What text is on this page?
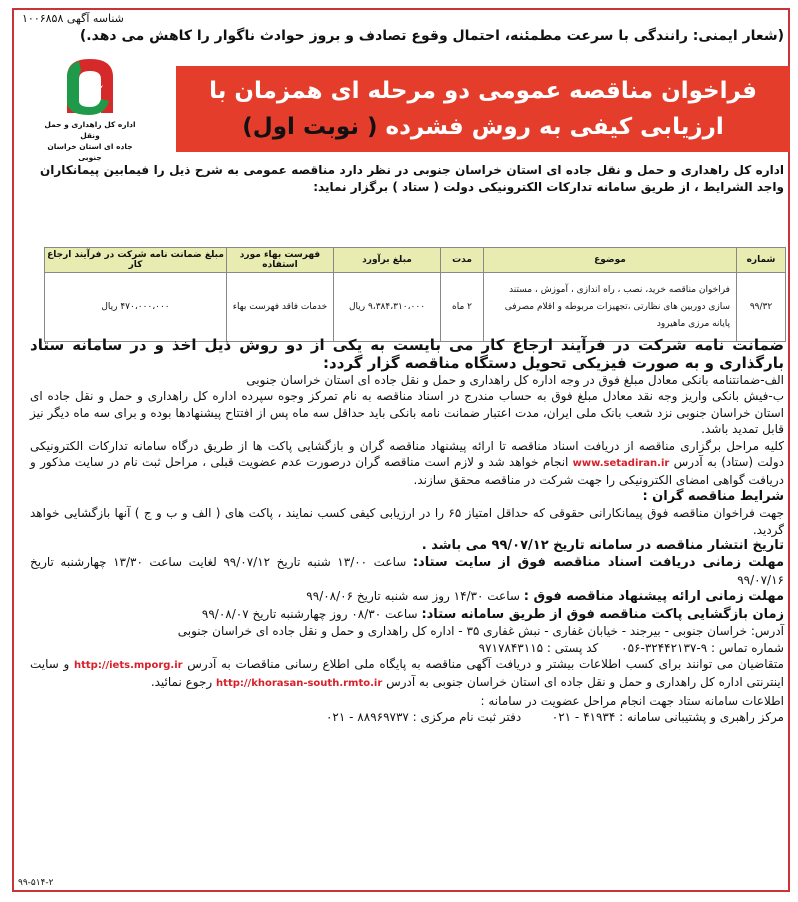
شناسه آگهی ۱۰۰۶۸۵۸
(شعار ایمنی: رانندگی با سرعت مطمئنه، احتمال وقوع تصادف و بروز حوادث ناگوار را کاهش می دهد.)
اداره کل راهداری و حمل ونقل
جاده ای استان خراسان جنوبی
فراخوان مناقصه عمومی دو مرحله ای همزمان با
ارزیابی کیفی به روش فشرده ( نوبت اول)
اداره کل راهداری و حمل و نقل جاده ای استان خراسان جنوبی در نظر دارد مناقصه عمومی به شرح ذیل را فیمابین پیمانکاران واجد الشرایط ، از طریق سامانه تدارکات الکترونیکی دولت ( ستاد ) برگزار نماید:
شماره	موضوع	مدت	مبلغ برآورد	فهرست بهاء مورد استفاده	مبلغ ضمانت نامه شرکت در فرآیند ارجاع کار
۹۹/۳۲	فراخوان مناقصه خرید، نصب ، راه اندازی ، آموزش ، مستند سازی دوربین های نظارتی ،تجهیزات مربوطه و اقلام مصرفی پایانه مرزی ماهیرود	۲ ماه	۹،۳۸۴،۳۱۰،۰۰۰ ریال	خدمات فاقد فهرست بهاء	۴۷۰،۰۰۰،۰۰۰ ریال

ضمانت نامه شرکت در فرآیند ارجاع کار می بایست به یکی از دو روش ذیل اخذ و در سامانه ستاد بارگذاری و به صورت فیزیکی تحویل دستگاه مناقصه گزار گردد:

الف-ضمانتنامه بانکی معادل مبلغ فوق در وجه اداره کل راهداری و حمل و نقل جاده ای استان خراسان جنوبی

ب-فیش بانکی واریز وجه نقد معادل مبلغ فوق به حساب مندرج در اسناد مناقصه به نام تمرکز وجوه سپرده اداره کل راهداری و حمل و نقل جاده ای استان خراسان جنوبی نزد شعب بانک ملی ایران، مدت اعتبار ضمانت نامه بانکی باید حداقل سه ماه پس از افتتاح پیشنهادها بوده و برای سه ماه دیگر نیز قابل تمدید باشد.

کلیه مراحل برگزاری مناقصه از دریافت اسناد مناقصه تا ارائه پیشنهاد مناقصه گران و بازگشایی پاکت ها از طریق درگاه سامانه تدارکات الکترونیکی دولت (ستاد) به آدرس www.setadiran.ir انجام خواهد شد و لازم است مناقصه گران درصورت عدم عضویت قبلی ، مراحل ثبت نام در سایت مذکور و دریافت گواهی امضای الکترونیکی را جهت شرکت در مناقصه محقق سازند.

شرایط مناقصه گران :

جهت فراخوان مناقصه فوق پیمانکارانی حقوقی که حداقل امتیاز ۶۵ را در ارزیابی کیفی کسب نمایند ، پاکت های ( الف و ب و ج ) آنها بازگشایی خواهد گردید.

تاریخ انتشار مناقصه در سامانه تاریخ ۹۹/۰۷/۱۲ می باشد .

مهلت زمانی دریافت اسناد مناقصه فوق از سایت ستاد: ساعت ۱۳/۰۰ شنبه تاریخ ۹۹/۰۷/۱۲ لغایت ساعت ۱۳/۳۰ چهارشنبه تاریخ ۹۹/۰۷/۱۶

مهلت زمانی ارائه پیشنهاد مناقصه فوق : ساعت ۱۴/۳۰ روز سه شنبه تاریخ ۹۹/۰۸/۰۶

زمان بازگشایی پاکت مناقصه فوق از طریق سامانه ستاد: ساعت ۰۸/۳۰ روز چهارشنبه تاریخ ۹۹/۰۸/۰۷

آدرس: خراسان جنوبی - بیرجند - خیابان غفاری - نبش غفاری ۳۵ - اداره کل راهداری و حمل و نقل جاده ای خراسان جنوبی

شماره تماس : ۹-۳۲۴۴۲۱۳۷-۰۵۶      کد پستی : ۹۷۱۷۸۴۳۱۱۵

متقاضیان می توانند برای کسب اطلاعات بیشتر و دریافت آگهی مناقصه به پایگاه ملی اطلاع رسانی مناقصات به آدرس http://iets.mporg.ir و سایت اینترنتی اداره کل راهداری و حمل و نقل جاده ای استان خراسان جنوبی به آدرس http://khorasan-south.rmto.ir رجوع نمائید.

اطلاعات سامانه ستاد جهت انجام مراحل عضویت در سامانه :

مرکز راهبری و پشتیبانی سامانه : ۴۱۹۳۴ - ۰۲۱        دفتر ثبت نام مرکزی : ۸۸۹۶۹۷۳۷ - ۰۲۱

۹۹-۵۱۴-۲
